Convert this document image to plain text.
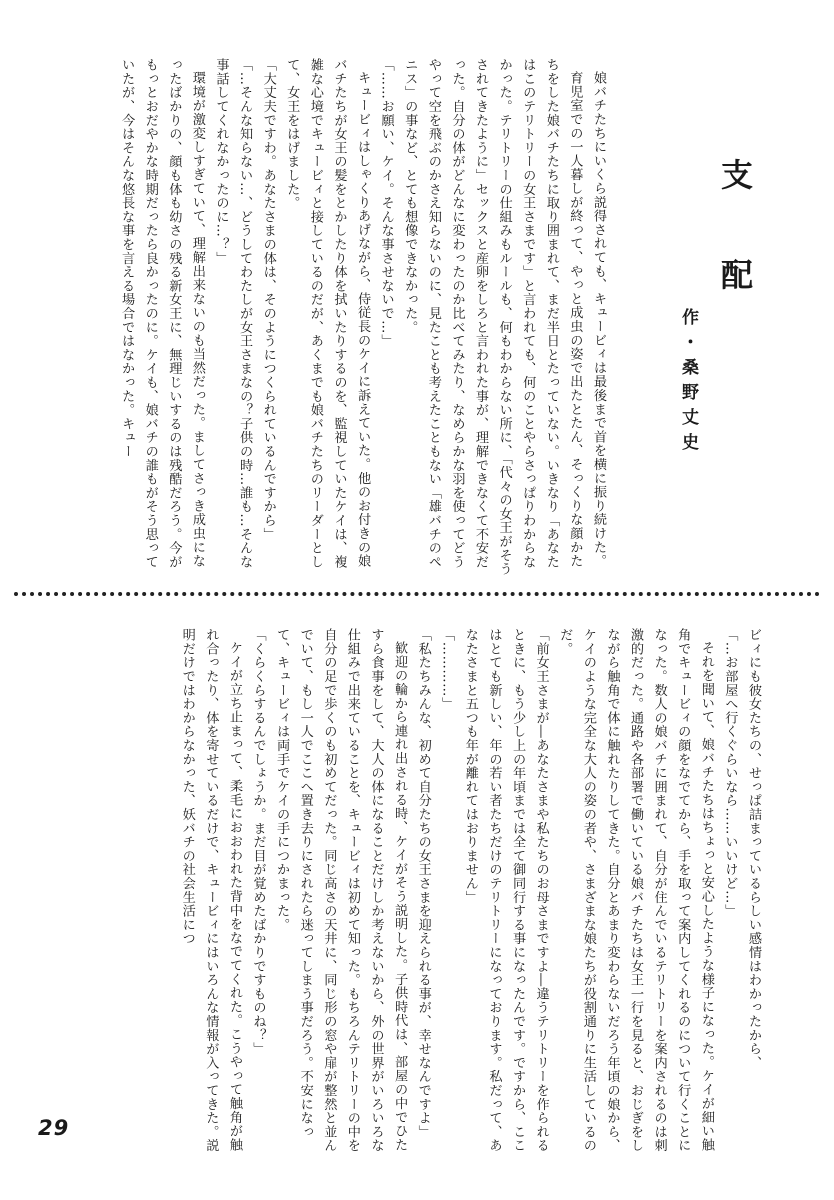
支　配
作・桑野丈史

娘バチたちにいくら説得されても、キュービィは最後まで首を横に振り続けた。

育児室での一人暮しが終って、やっと成虫の姿で出たとたん、そっくりな顔かたちをした娘バチたちに取り囲まれて、まだ半日とたっていない。いきなり「あなたはこのテリトリーの女王さまです」と言われても、何のことやらさっぱりわからなかった。テリトリーの仕組みもルールも、何もわからない所に、「代々の女王がそうされてきたように」セックスと産卵をしろと言われた事が、理解できなくて不安だった。自分の体がどんなに変わったのか比べてみたり、なめらかな羽を使ってどうやって空を飛ぶのかさえ知らないのに、見たことも考えたこともない「雄バチのペニス」の事など、とても想像できなかった。

「……お願い、ケイ。そんな事させないで…」

キュービィはしゃくりあげながら、侍従長のケイに訴えていた。他のお付きの娘バチたちが女王の髪をとかしたり体を拭いたりするのを、監視していたケイは、複雑な心境でキュービィと接しているのだが、あくまでも娘バチたちのリーダーとして、女王をはげました。

「大丈夫ですわ。あなたさまの体は、そのようにつくられているんですから」

「…そんな知らない…、どうしてわたしが女王さまなの？子供の時…誰も…そんな事話してくれなかったのに…？」

環境が激変しすぎていて、理解出来ないのも当然だった。ましてさっき成虫になったばかりの、顔も体も幼さの残る新女王に、無理じいするのは残酷だろう。今がもっとおだやかな時期だったら良かったのに。ケイも、娘バチの誰もがそう思っていたが、今はそんな悠長な事を言える場合ではなかった。キュー

ビィにも彼女たちの、せっぱ詰まっているらしい感情はわかったから、

「…お部屋へ行くぐらいなら……いいけど…」

それを聞いて、娘バチたちはちょっと安心したような様子になった。ケイが細い触角でキュービィの顔をなでてから、手を取って案内してくれるのについて行くことになった。数人の娘バチに囲まれて、自分が住んでいるテリトリーを案内されるのは刺激的だった。通路や各部署で働いている娘バチたちは女王一行を見ると、おじぎをしながら触角で体に触れたりしてきた。自分とあまり変わらないだろう年頃の娘から、ケイのような完全な大人の姿の者や、さまざまな娘たちが役割通りに生活しているのだ。

「前女王さまが―あなたさまや私たちのお母さまですよ―違うテリトリーを作られるときに、もう少し上の年頃までは全て御同行する事になったんです。ですから、ここはとても新しい、年の若い者たちだけのテリトリーになっております。私だって、あなたさまと五つも年が離れてはおりません」

「…………」

「私たちみんな、初めて自分たちの女王さまを迎えられる事が、幸せなんですよ」

歓迎の輪から連れ出される時、ケイがそう説明した。子供時代は、部屋の中でひたすら食事をして、大人の体になることだけしか考えないから、外の世界がいろいろな仕組みで出来ていることを、キュービィは初めて知った。もちろんテリトリーの中を自分の足で歩くのも初めてだった。同じ高さの天井に、同じ形の窓や扉が整然と並んでいて、もし一人でここへ置き去りにされたら迷ってしまう事だろう。不安になって、キュービィは両手でケイの手につかまった。

「くらくらするんでしょうか。まだ目が覚めたばかりですものね？」

ケイが立ち止まって、柔毛におおわれた背中をなでてくれた。こうやって触角が触れ合ったり、体を寄せているだけで、キュービィにはいろんな情報が入ってきた。説明だけではわからなかった、妖バチの社会生活につ

29
